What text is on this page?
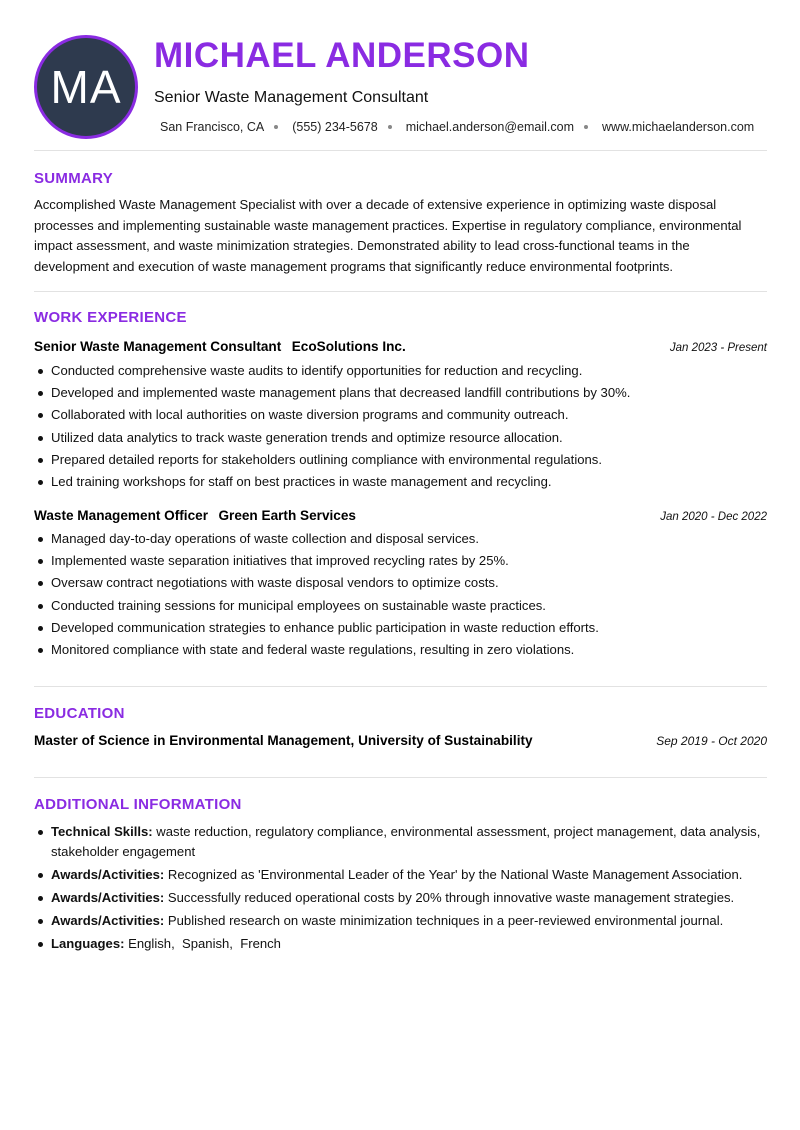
MA
MICHAEL ANDERSON
Senior Waste Management Consultant
San Francisco, CA (555) 234-5678 michael.anderson@email.com www.michaelanderson.com
SUMMARY
Accomplished Waste Management Specialist with over a decade of extensive experience in optimizing waste disposal processes and implementing sustainable waste management practices. Expertise in regulatory compliance, environmental impact assessment, and waste minimization strategies. Demonstrated ability to lead cross-functional teams in the development and execution of waste management programs that significantly reduce environmental footprints.
WORK EXPERIENCE
Senior Waste Management Consultant EcoSolutions Inc.	Jan 2023 - Present
Conducted comprehensive waste audits to identify opportunities for reduction and recycling.
Developed and implemented waste management plans that decreased landfill contributions by 30%.
Collaborated with local authorities on waste diversion programs and community outreach.
Utilized data analytics to track waste generation trends and optimize resource allocation.
Prepared detailed reports for stakeholders outlining compliance with environmental regulations.
Led training workshops for staff on best practices in waste management and recycling.
Waste Management Officer Green Earth Services	Jan 2020 - Dec 2022
Managed day-to-day operations of waste collection and disposal services.
Implemented waste separation initiatives that improved recycling rates by 25%.
Oversaw contract negotiations with waste disposal vendors to optimize costs.
Conducted training sessions for municipal employees on sustainable waste practices.
Developed communication strategies to enhance public participation in waste reduction efforts.
Monitored compliance with state and federal waste regulations, resulting in zero violations.
EDUCATION
Master of Science in Environmental Management, University of Sustainability	Sep 2019 - Oct 2020
ADDITIONAL INFORMATION
Technical Skills: waste reduction, regulatory compliance, environmental assessment, project management, data analysis, stakeholder engagement
Awards/Activities: Recognized as 'Environmental Leader of the Year' by the National Waste Management Association.
Awards/Activities: Successfully reduced operational costs by 20% through innovative waste management strategies.
Awards/Activities: Published research on waste minimization techniques in a peer-reviewed environmental journal.
Languages: English,  Spanish,  French
